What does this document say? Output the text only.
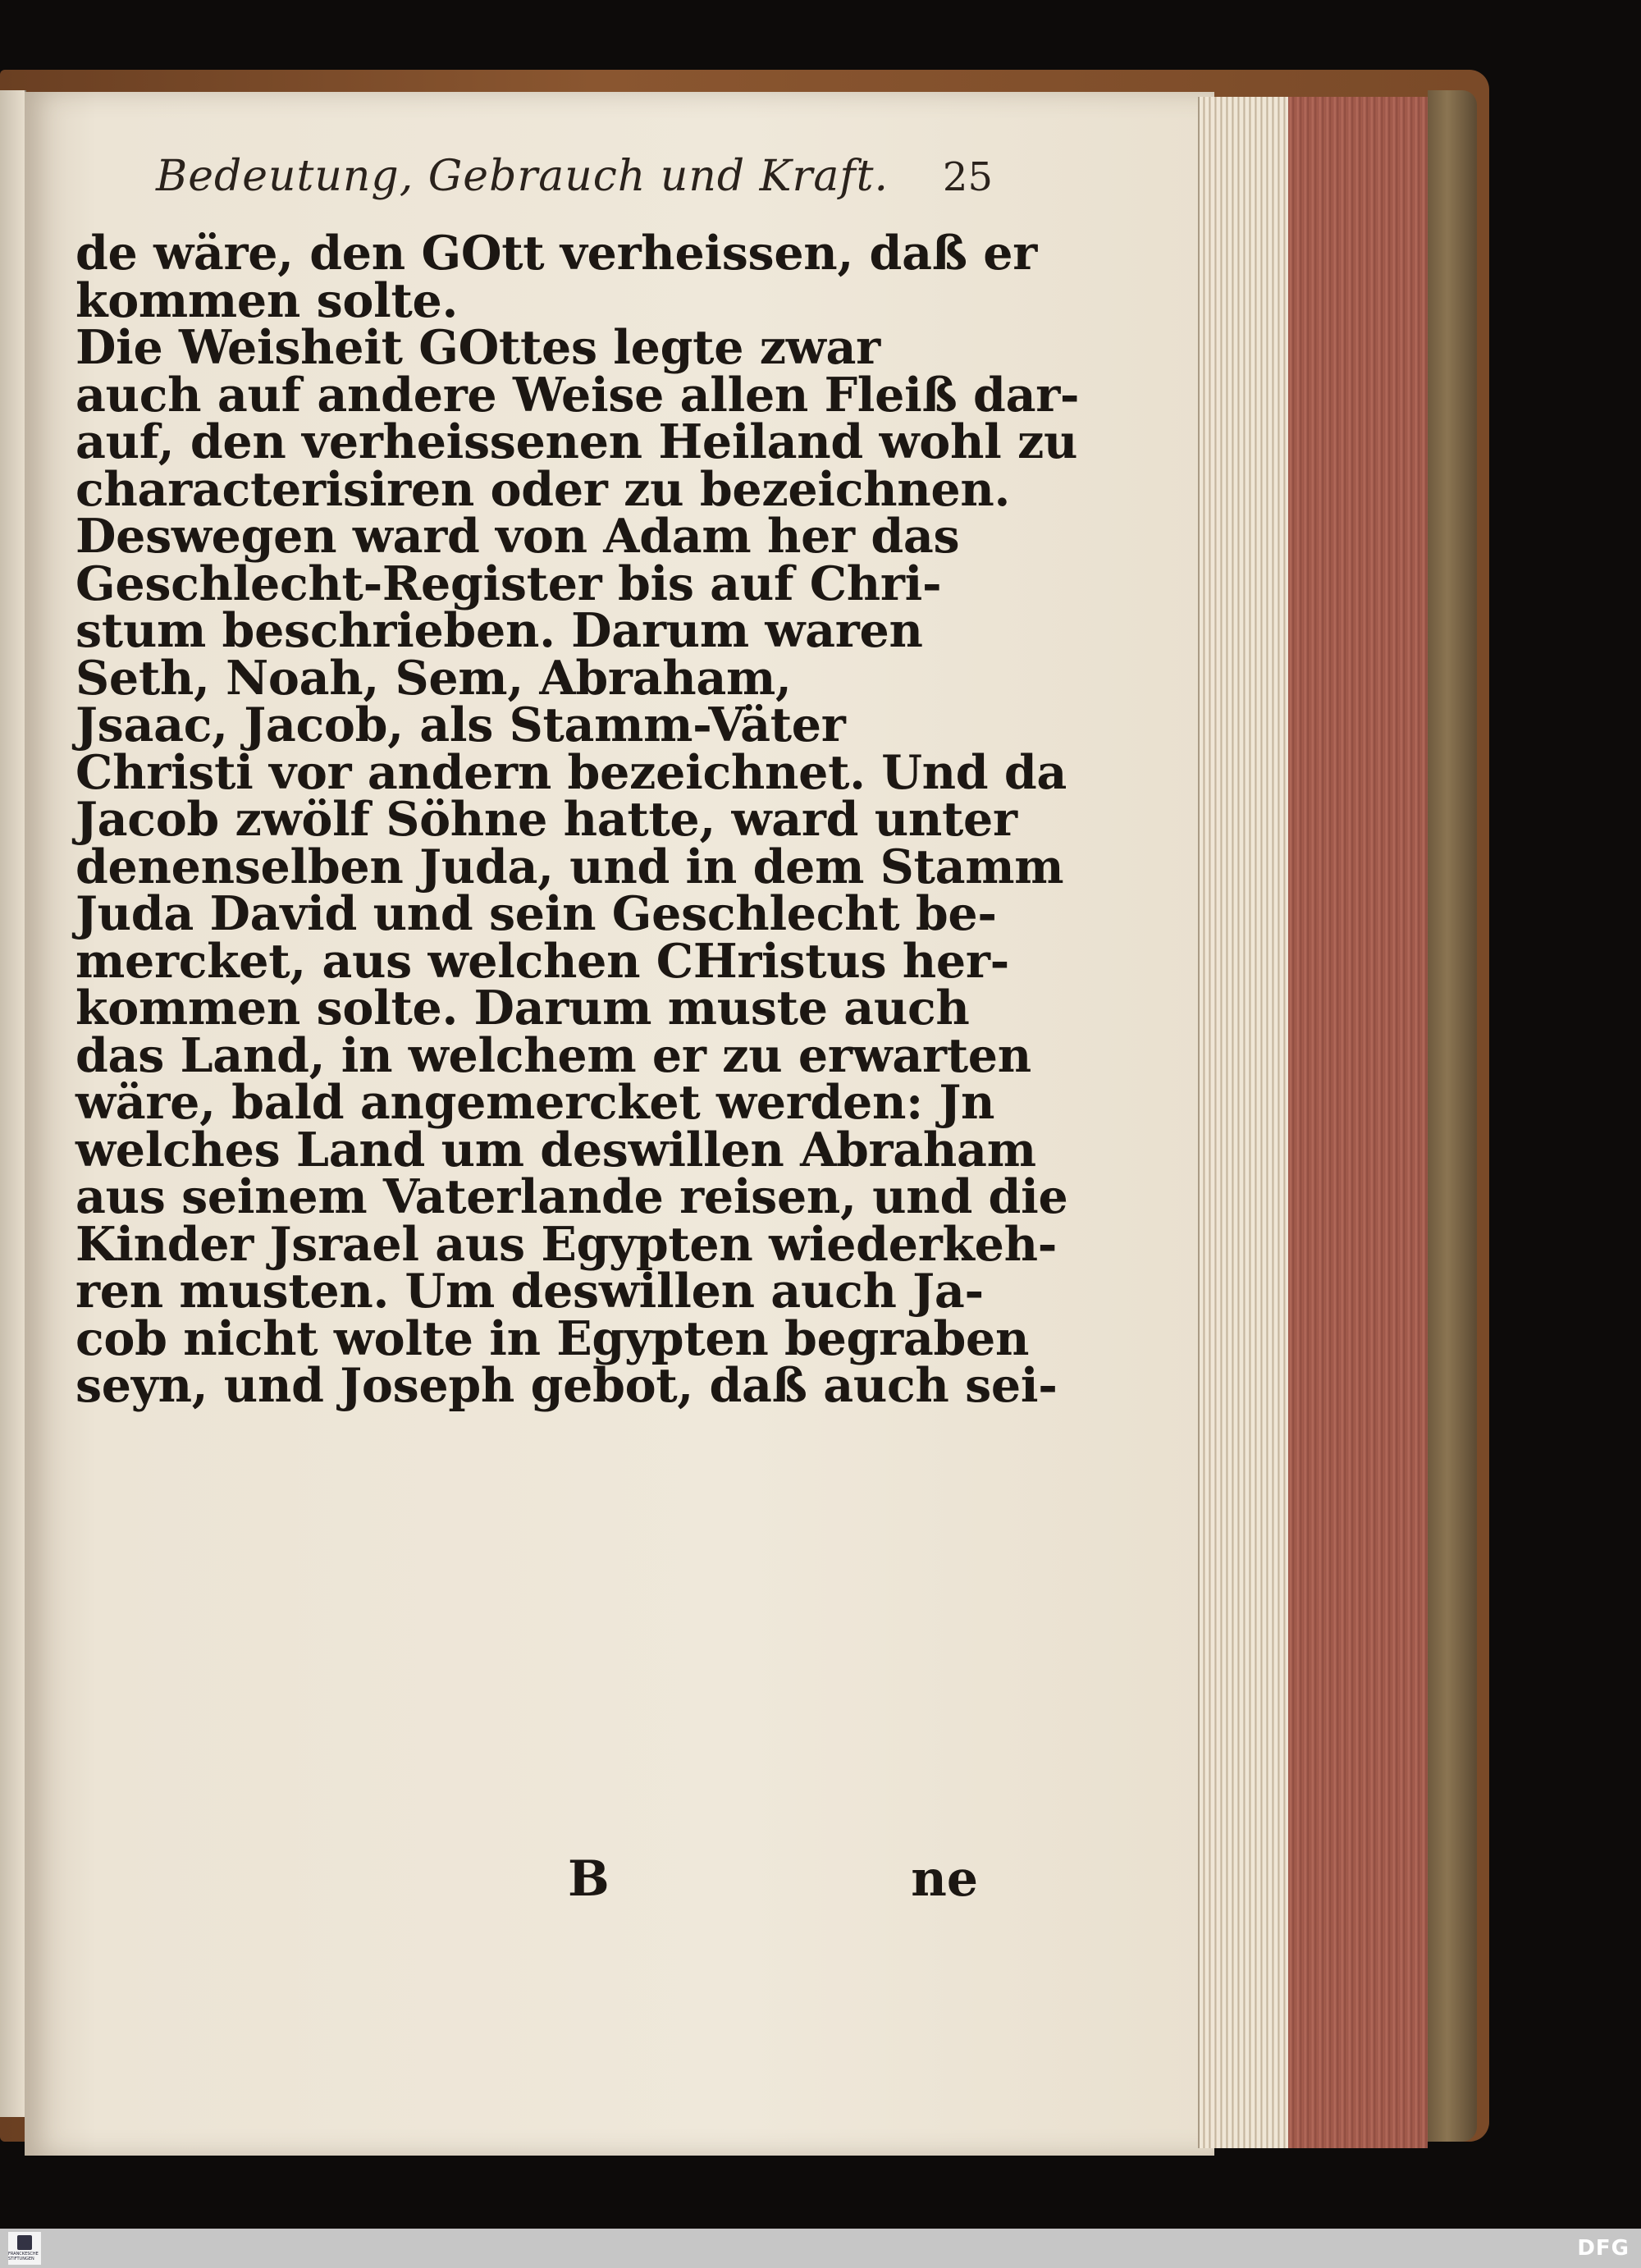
Bedeutung, Gebrauch und Kraft. 25
de wäre, den GOtt verheissen, daß er
kommen solte.
Die Weisheit GOttes legte zwar
auch auf andere Weise allen Fleiß dar-
auf, den verheissenen Heiland wohl zu
characterisiren oder zu bezeichnen.
Deswegen ward von Adam her das
Geschlecht-Register bis auf Chri-
stum beschrieben. Darum waren
Seth, Noah, Sem, Abraham,
Jsaac, Jacob, als Stamm-Väter
Christi vor andern bezeichnet. Und da
Jacob zwölf Söhne hatte, ward unter
denenselben Juda, und in dem Stamm
Juda David und sein Geschlecht be-
mercket, aus welchen CHristus her-
kommen solte. Darum muste auch
das Land, in welchem er zu erwarten
wäre, bald angemercket werden: Jn
welches Land um deswillen Abraham
aus seinem Vaterlande reisen, und die
Kinder Jsrael aus Egypten wiederkeh-
ren musten. Um deswillen auch Ja-
cob nicht wolte in Egypten begraben
seyn, und Joseph gebot, daß auch sei-
B	ne
FRANCKESCHE STIFTUNGEN	DFG
